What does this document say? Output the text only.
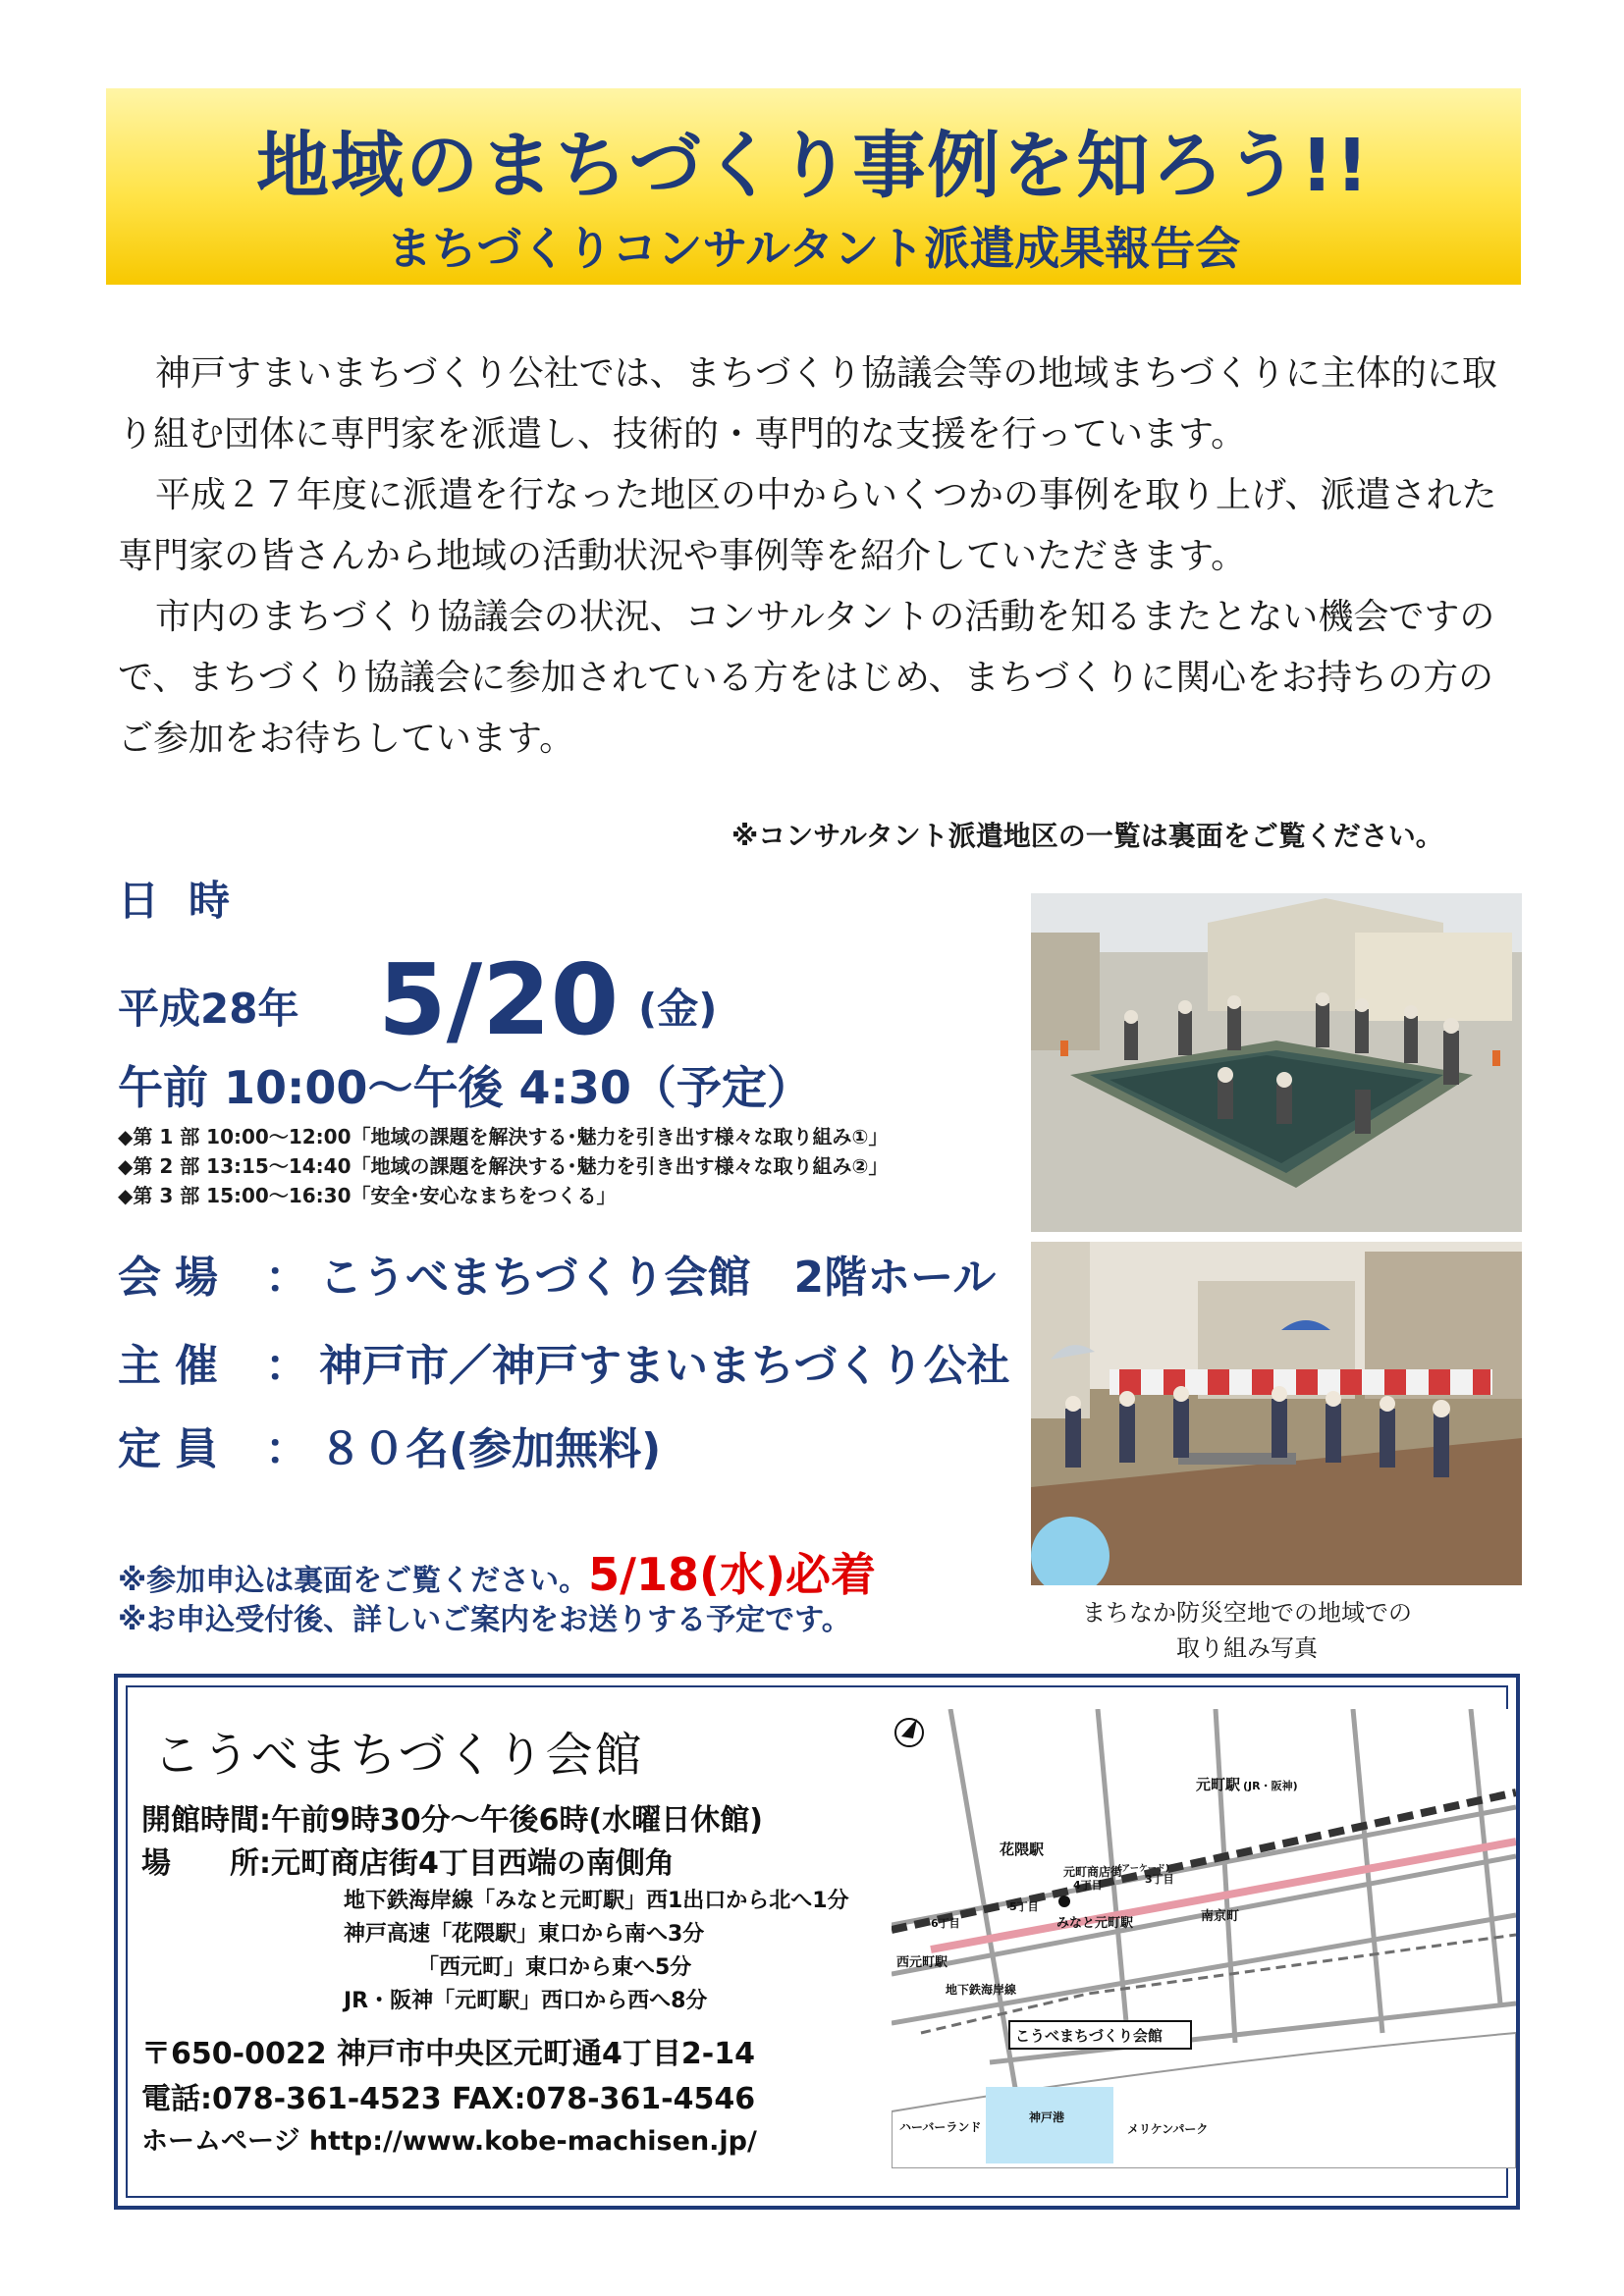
地域のまちづくり事例を知ろう!!
まちづくりコンサルタント派遣成果報告会

神戸すまいまちづくり公社では、まちづくり協議会等の地域まちづくりに主体的に取り組む団体に専門家を派遣し、技術的・専門的な支援を行っています。

平成２７年度に派遣を行なった地区の中からいくつかの事例を取り上げ、派遣された専門家の皆さんから地域の活動状況や事例等を紹介していただきます。

市内のまちづくり協議会の状況、コンサルタントの活動を知るまたとない機会ですので、まちづくり協議会に参加されている方をはじめ、まちづくりに関心をお持ちの方のご参加をお待ちしています。

※コンサルタント派遣地区の一覧は裏面をご覧ください。
日時
平成28年 5/20 (金)
午前 10:00～午後 4:30（予定）
◆第 1 部 10:00～12:00「地域の課題を解決する･魅力を引き出す様々な取り組み①」
◆第 2 部 13:15～14:40「地域の課題を解決する･魅力を引き出す様々な取り組み②」
◆第 3 部 15:00～16:30「安全･安心なまちをつくる」
会場 ： こうべまちづくり会館　2階ホール
主催 ： 神戸市／神戸すまいまちづくり公社
定員 ： ８０名(参加無料)
※参加申込は裏面をご覧ください。5/18(水)必着
※お申込受付後、詳しいご案内をお送りする予定です。	まちなか防災空地での地域での
取り組み写真
こうべまちづくり会館
開館時間:午前9時30分～午後6時(水曜日休館)
場　　所:元町商店街4丁目西端の南側角
地下鉄海岸線「みなと元町駅」西1出口から北へ1分
神戸高速「花隈駅」東口から南へ3分
「西元町」東口から東へ5分
JR・阪神「元町駅」西口から西へ8分
〒650-0022 神戸市中央区元町通4丁目2-14
電話:078-361-4523 FAX:078-361-4546
ホームページ http://www.kobe-machisen.jp/
元町駅 (JR・阪神)
花隈駅
西元町駅
元町商店街
(アーケード)
5丁目
4丁目	3丁目
6丁目	みなと元町駅	南京町
地下鉄海岸線
こうべまちづくり会館
ハーバーランド
神戸港
メリケンパーク
